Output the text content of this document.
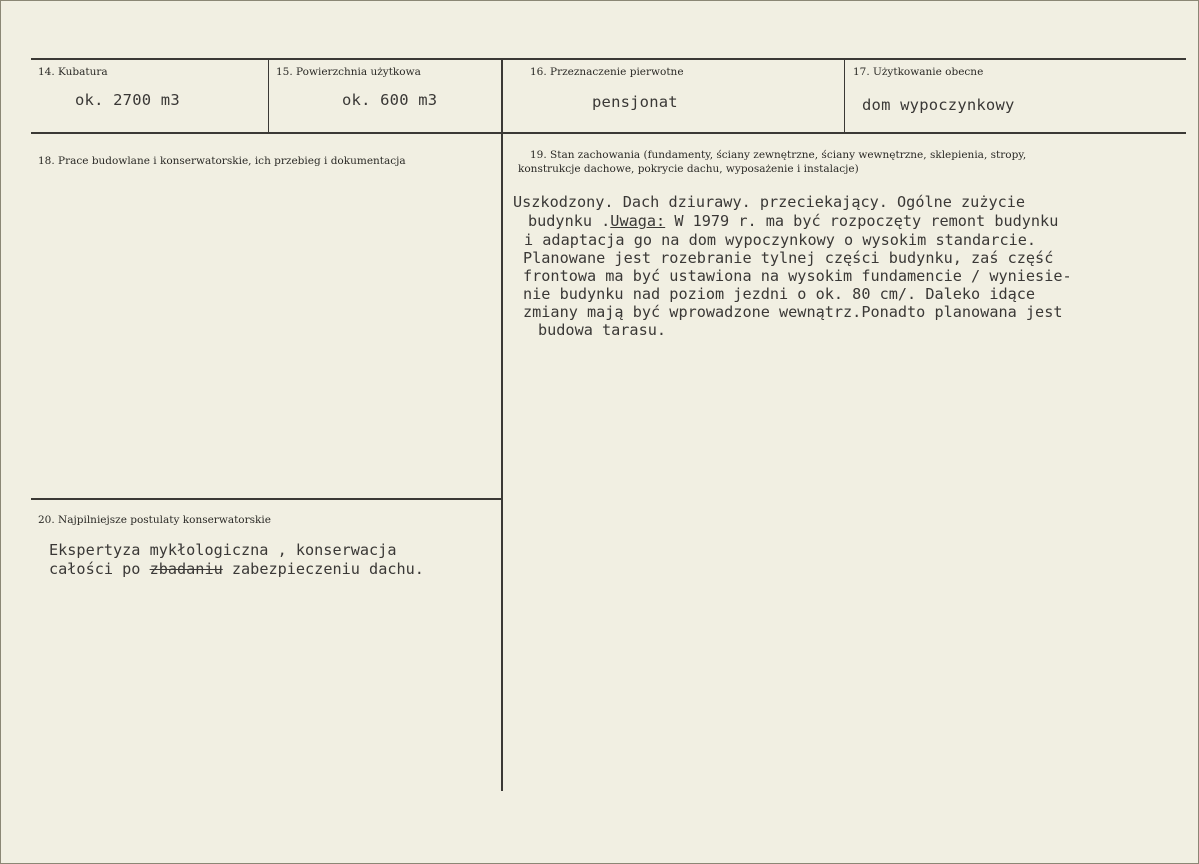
14. Kubatura
ok. 2700 m3
15. Powierzchnia użytkowa
ok. 600 m3
16. Przeznaczenie pierwotne
pensjonat
17. Użytkowanie obecne
dom wypoczynkowy
18. Prace budowlane i konserwatorskie, ich przebieg i dokumentacja	19. Stan zachowania (fundamenty, ściany zewnętrzne, ściany wewnętrzne, sklepienia, stropy,
konstrukcje dachowe, pokrycie dachu, wyposażenie i instalacje)
Uszkodzony. Dach dziurawy. przeciekający. Ogólne zużycie
budynku .Uwaga: W 1979 r. ma być rozpoczęty remont budynku
i adaptacja go na dom wypoczynkowy o wysokim standarcie.
Planowane jest rozebranie tylnej części budynku, zaś część
frontowa ma być ustawiona na wysokim fundamencie / wyniesie-
nie budynku nad poziom jezdni o ok. 80 cm/. Daleko idące
zmiany mają być wprowadzone wewnątrz.Ponadto planowana jest
budowa tarasu.
20. Najpilniejsze postulaty konserwatorskie
Ekspertyza mykłologiczna , konserwacja
całości po zbadaniu zabezpieczeniu dachu.
